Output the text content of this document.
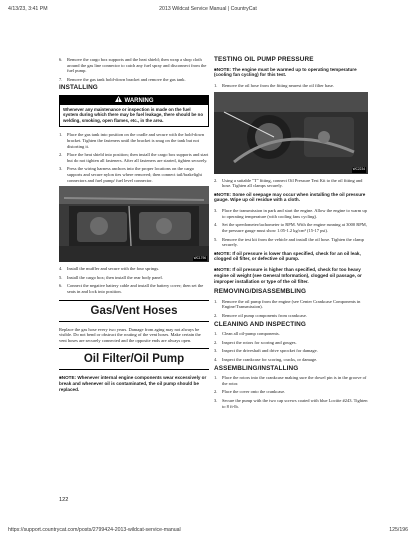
4/13/23, 3:41 PM	2013 Wildcat Service Manual | CountryCat
6. Remove the cargo box supports and the heat shield; then wrap a shop cloth around the gas line connector to catch any fuel spray and disconnect from the fuel pump.
7. Remove the gas tank hold-down bracket and remove the gas tank.
INSTALLING
WARNING
Whenever any maintenance or inspection is made on the fuel system during which there may be fuel leakage, there should be no welding, smoking, open flames, etc., in the area.
1. Place the gas tank into position on the cradle and secure with the hold-down bracket. Tighten the fasteners until the bracket is snug on the tank but not distorting it.
2. Place the heat shield into position; then install the cargo box supports and start but do not tighten all fasteners. After all fasteners are started, tighten securely.
3. Press the wiring harness anchors into the proper locations on the cargo supports and secure nylon ties where removed; then connect tail/brakelight connectors and fuel pump/ fuel level connector.
WC1796
4. Install the muffler and secure with the four springs.
5. Install the cargo box; then install the rear body panel.
6. Connect the negative battery cable and install the battery cover; then set the seats in and lock into position.
Gas/Vent Hoses
Replace the gas hose every two years. Damage from aging may not always be visible. Do not bend or obstruct the routing of the vent hoses. Make certain the vent hoses are securely connected and the opposite ends are always open.
Oil Filter/Oil Pump
■NOTE: Whenever internal engine components wear excessively or break and whenever oil is contaminated, the oil pump should be replaced.
122
TESTING OIL PUMP PRESSURE
■NOTE: The engine must be warmed up to operating temperature (cooling fan cycling) for this test.
1. Remove the oil hose from the fitting nearest the oil filter base.
WC2234
2. Using a suitable "T" fitting, connect Oil Pressure Test Kit to the oil fitting and hose. Tighten all clamps securely.
■NOTE: Some oil seepage may occur when installing the oil pressure gauge. Wipe up oil residue with a cloth.
3. Place the transmission in park and start the engine. Allow the engine to warm up to operating temperature (with cooling fans cycling).
4. Set the speedometer/tachometer to RPM. With the engine running at 3000 RPM, the pressure gauge must show 1.05-1.2 kg/cm² (15-17 psi).
5. Remove the test kit from the vehicle and install the oil hose. Tighten the clamp securely.
■NOTE: If oil pressure is lower than specified, check for an oil leak, clogged oil filter, or defective oil pump.
■NOTE: If oil pressure is higher than specified, check for too heavy engine oil weight (see General Information), clogged oil passage, or improper installation or type of the oil filter.
REMOVING/DISASSEMBLING
1. Remove the oil pump from the engine (see Center Crankcase Components in Engine/Transmission).
2. Remove oil pump components from crankcase.
CLEANING AND INSPECTING
1. Clean all oil-pump components.
2. Inspect the rotors for scoring and gouges.
3. Inspect the driveshaft and drive sprocket for damage.
4. Inspect the crankcase for scoring, cracks, or damage.
ASSEMBLING/INSTALLING
1. Place the rotors into the crankcase making sure the dowel pin is in the groove of the rotor.
2. Place the cover onto the crankcase.
3. Secure the pump with the two cap screws coated with blue Loctite #243. Tighten to 8 ft-lb.
https://support.countrycat.com/posts/2799424-2013-wildcat-service-manual	125/196
